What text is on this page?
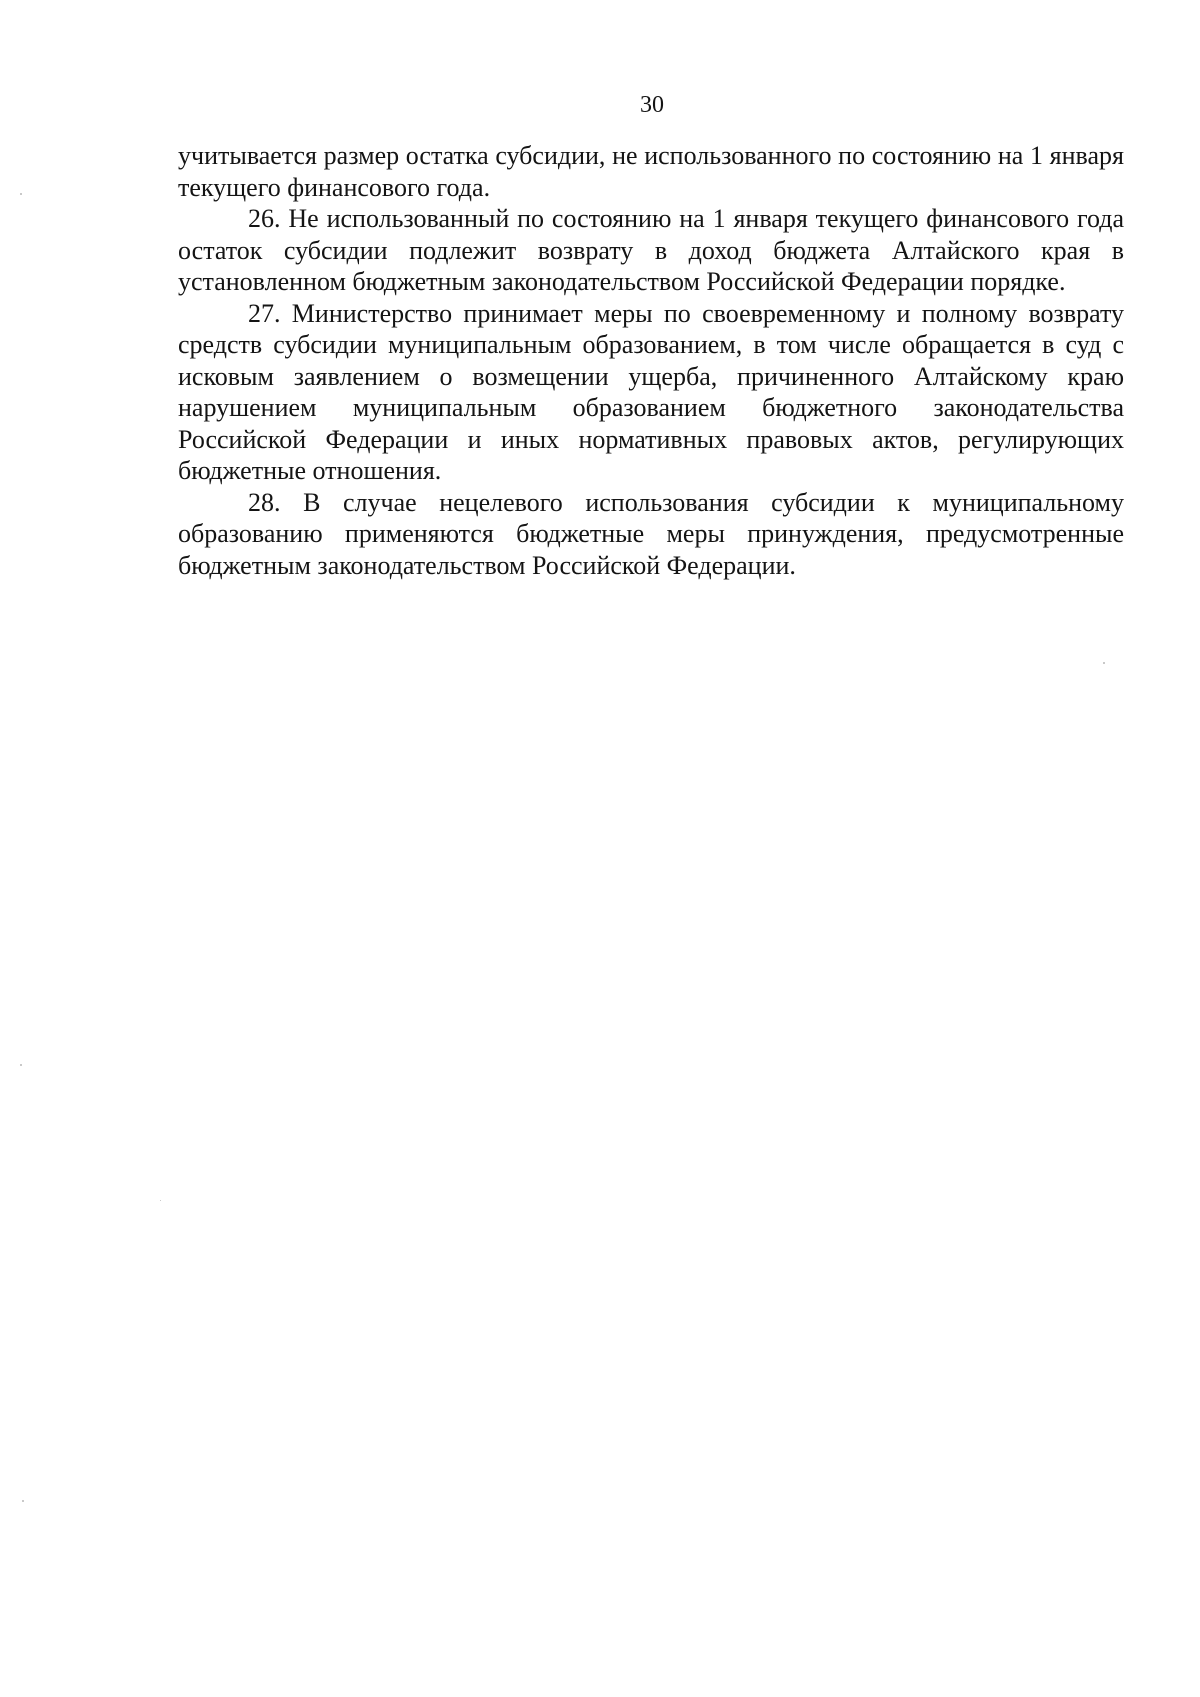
30

учитывается размер остатка субсидии, не использованного по состоянию на 1 января текущего финансового года.

26. Не использованный по состоянию на 1 января текущего финансового года остаток субсидии подлежит возврату в доход бюджета Алтайского края в установленном бюджетным законодательством Российской Федерации порядке.

27. Министерство принимает меры по своевременному и полному возврату средств субсидии муниципальным образованием, в том числе обращается в суд с исковым заявлением о возмещении ущерба, причиненного Алтайскому краю нарушением муниципальным образованием бюджетного законодательства Российской Федерации и иных нормативных правовых актов, регулирующих бюджетные отношения.

28. В случае нецелевого использования субсидии к муниципальному образованию применяются бюджетные меры принуждения, предусмотренные бюджетным законодательством Российской Федерации.
